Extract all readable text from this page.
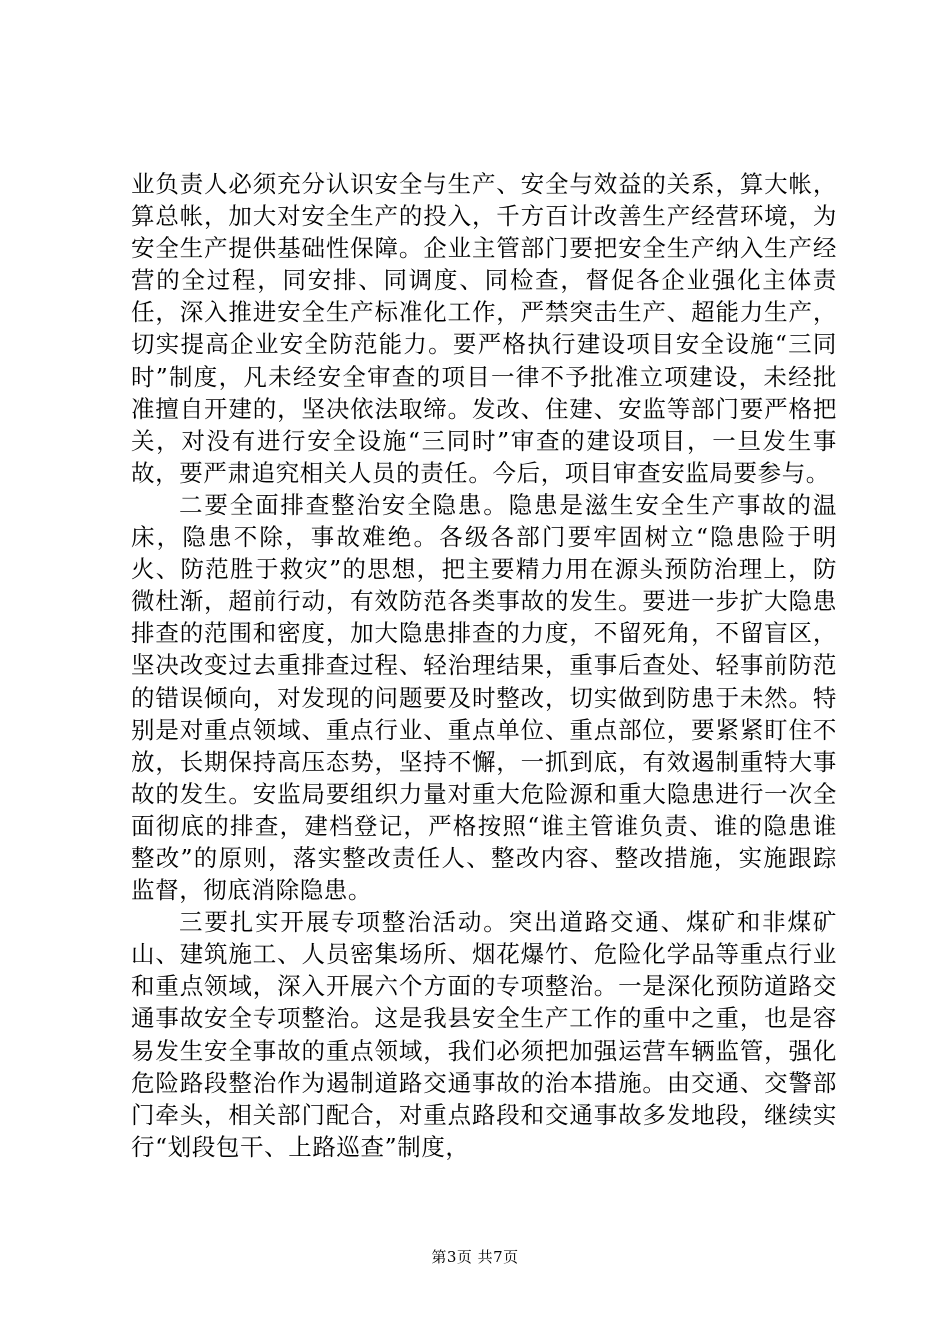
业负责人必须充分认识安全与生产、安全与效益的关系，算大帐，算总帐，加大对安全生产的投入，千方百计改善生产经营环境，为安全生产提供基础性保障。企业主管部门要把安全生产纳入生产经营的全过程，同安排、同调度、同检查，督促各企业强化主体责任，深入推进安全生产标准化工作，严禁突击生产、超能力生产，切实提高企业安全防范能力。要严格执行建设项目安全设施“三同时”制度，凡未经安全审查的项目一律不予批准立项建设，未经批准擅自开建的，坚决依法取缔。发改、住建、安监等部门要严格把关，对没有进行安全设施“三同时”审查的建设项目，一旦发生事故，要严肃追究相关人员的责任。今后，项目审查安监局要参与。

二要全面排查整治安全隐患。隐患是滋生安全生产事故的温床，隐患不除，事故难绝。各级各部门要牢固树立“隐患险于明火、防范胜于救灾”的思想，把主要精力用在源头预防治理上，防微杜渐，超前行动，有效防范各类事故的发生。要进一步扩大隐患排查的范围和密度，加大隐患排查的力度，不留死角，不留盲区，坚决改变过去重排查过程、轻治理结果，重事后查处、轻事前防范的错误倾向，对发现的问题要及时整改，切实做到防患于未然。特别是对重点领域、重点行业、重点单位、重点部位，要紧紧盯住不放，长期保持高压态势，坚持不懈，一抓到底，有效遏制重特大事故的发生。安监局要组织力量对重大危险源和重大隐患进行一次全面彻底的排查，建档登记，严格按照“谁主管谁负责、谁的隐患谁整改”的原则，落实整改责任人、整改内容、整改措施，实施跟踪监督，彻底消除隐患。

三要扎实开展专项整治活动。突出道路交通、煤矿和非煤矿山、建筑施工、人员密集场所、烟花爆竹、危险化学品等重点行业和重点领域，深入开展六个方面的专项整治。一是深化预防道路交通事故安全专项整治。这是我县安全生产工作的重中之重，也是容易发生安全事故的重点领域，我们必须把加强运营车辆监管，强化危险路段整治作为遏制道路交通事故的治本措施。由交通、交警部门牵头，相关部门配合，对重点路段和交通事故多发地段，继续实行“划段包干、上路巡查”制度，

第3页 共7页
